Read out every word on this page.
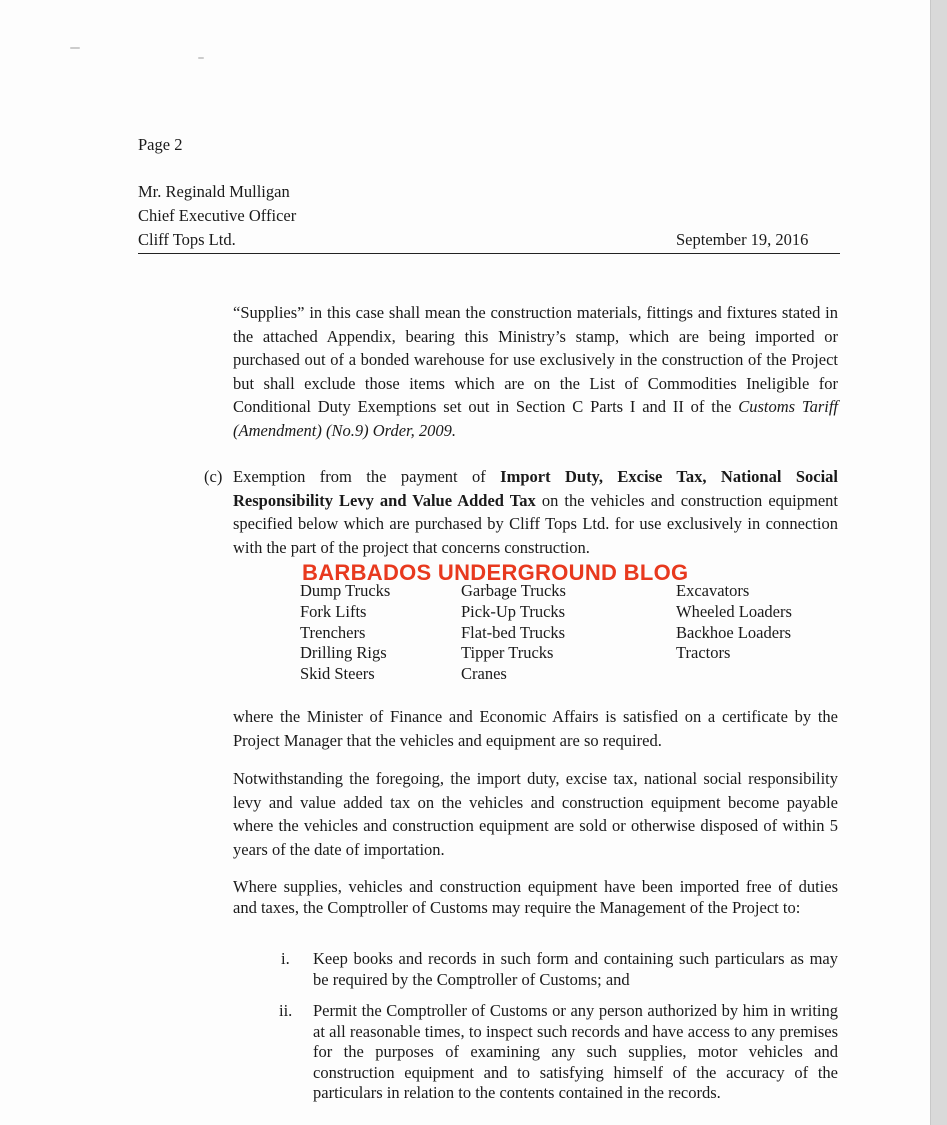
Page 2
Mr. Reginald Mulligan
Chief Executive Officer
Cliff Tops Ltd.	September 19, 2016
“Supplies” in this case shall mean the construction materials, fittings and fixtures stated in the attached Appendix, bearing this Ministry’s stamp, which are being imported or purchased out of a bonded warehouse for use exclusively in the construction of the Project but shall exclude those items which are on the List of Commodities Ineligible for Conditional Duty Exemptions set out in Section C Parts I and II of the Customs Tariff (Amendment) (No.9) Order, 2009.
(c) Exemption from the payment of Import Duty, Excise Tax, National Social Responsibility Levy and Value Added Tax on the vehicles and construction equipment specified below which are purchased by Cliff Tops Ltd. for use exclusively in connection with the part of the project that concerns construction.
Dump Trucks
Fork Lifts
Trenchers
Drilling Rigs
Skid Steers
Garbage Trucks
Pick-Up Trucks
Flat-bed Trucks
Tipper Trucks
Cranes
Excavators
Wheeled Loaders
Backhoe Loaders
Tractors
BARBADOS UNDERGROUND BLOG
where the Minister of Finance and Economic Affairs is satisfied on a certificate by the Project Manager that the vehicles and equipment are so required.
Notwithstanding the foregoing, the import duty, excise tax, national social responsibility levy and value added tax on the vehicles and construction equipment become payable where the vehicles and construction equipment are sold or otherwise disposed of within 5 years of the date of importation.
Where supplies, vehicles and construction equipment have been imported free of duties and taxes, the Comptroller of Customs may require the Management of the Project to:
i. Keep books and records in such form and containing such particulars as may be required by the Comptroller of Customs; and
ii. Permit the Comptroller of Customs or any person authorized by him in writing at all reasonable times, to inspect such records and have access to any premises for the purposes of examining any such supplies, motor vehicles and construction equipment and to satisfying himself of the accuracy of the particulars in relation to the contents contained in the records.
